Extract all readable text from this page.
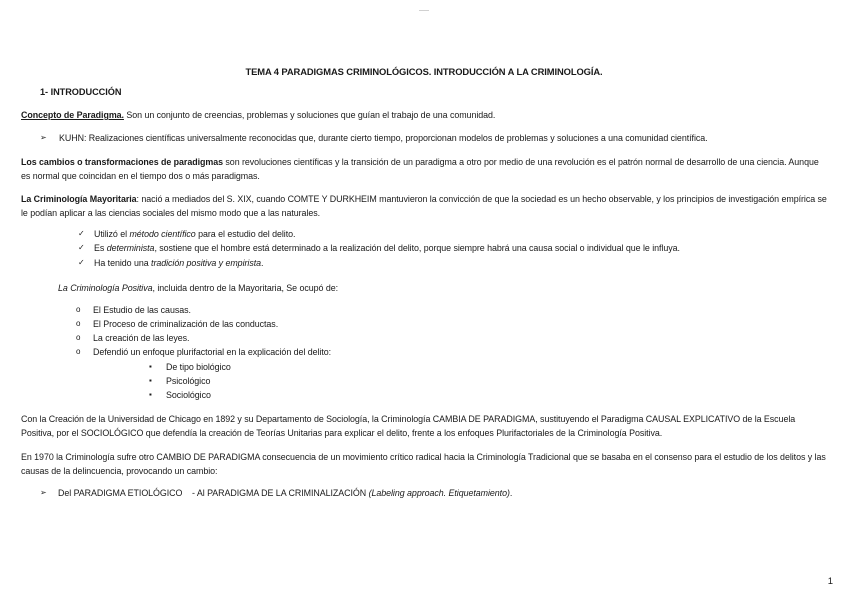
——
TEMA 4 PARADIGMAS CRIMINOLÓGICOS. INTRODUCCIÓN A LA CRIMINOLOGÍA.
1- INTRODUCCIÓN
Concepto de Paradigma. Son un conjunto de creencias, problemas y soluciones que guían el trabajo de una comunidad.
➢ KUHN: Realizaciones científicas universalmente reconocidas que, durante cierto tiempo, proporcionan modelos de problemas y soluciones a una comunidad científica.
Los cambios o transformaciones de paradigmas son revoluciones científicas y la transición de un paradigma a otro por medio de una revolución es el patrón normal de desarrollo de una ciencia. Aunque es normal que coincidan en el tiempo dos o más paradigmas.
La Criminología Mayoritaria: nació a mediados del S. XIX, cuando COMTE Y DURKHEIM mantuvieron la convicción de que la sociedad es un hecho observable, y los principios de investigación empírica se le podían aplicar a las ciencias sociales del mismo modo que a las naturales.
✓ Utilizó el método científico para el estudio del delito.
✓ Es determinista, sostiene que el hombre está determinado a la realización del delito, porque siempre habrá una causa social o individual que le influya.
✓ Ha tenido una tradición positiva y empirista.
La Criminología Positiva, incluida dentro de la Mayoritaria, Se ocupó de:
o El Estudio de las causas.
o El Proceso de criminalización de las conductas.
o La creación de las leyes.
o Defendió un enfoque plurifactorial en la explicación del delito:
▪ De tipo biológico
▪ Psicológico
▪ Sociológico
Con la Creación de la Universidad de Chicago en 1892 y su Departamento de Sociología, la Criminología CAMBIA DE PARADIGMA, sustituyendo el Paradigma CAUSAL EXPLICATIVO de la Escuela Positiva, por el SOCIOLÓGICO que defendía la creación de Teorías Unitarias para explicar el delito, frente a los enfoques Plurifactoriales de la Criminología Positiva.
En 1970 la Criminología sufre otro CAMBIO DE PARADIGMA consecuencia de un movimiento crítico radical hacia la Criminología Tradicional que se basaba en el consenso para el estudio de los delitos y las causas de la delincuencia, provocando un cambio:
➢ Del PARADIGMA ETIOLÓGICO    - Al PARADIGMA DE LA CRIMINALIZACIÓN (Labeling approach. Etiquetamiento).
1
